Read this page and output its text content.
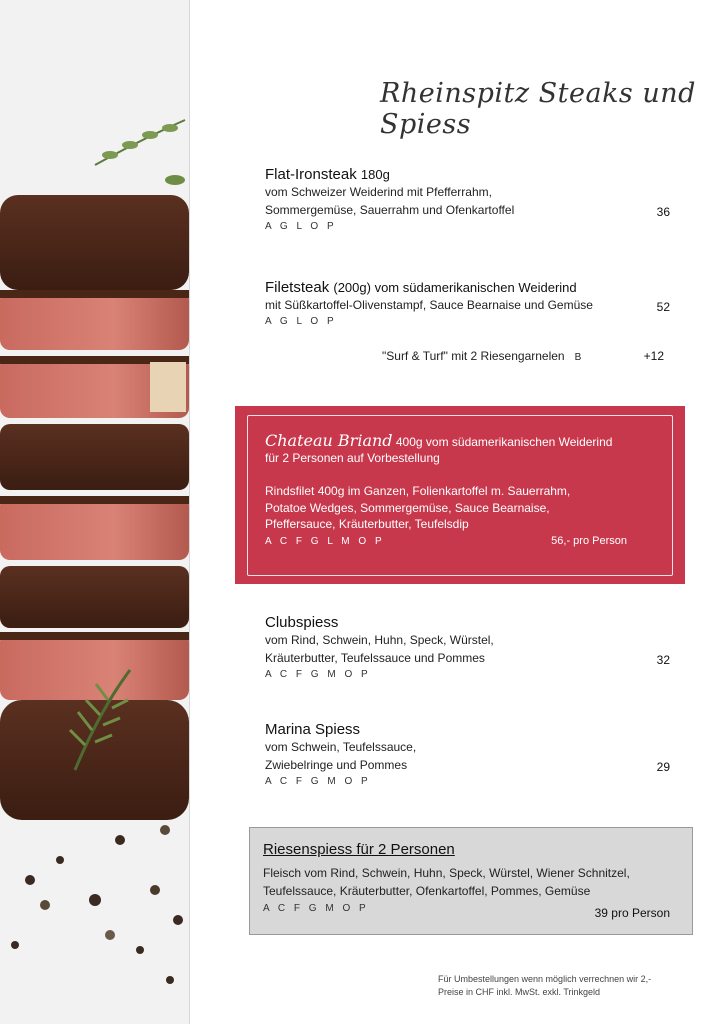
Rheinspitz Steaks und Spiess
Flat-Ironsteak 180g
vom Schweizer Weiderind mit Pfefferrahm,
Sommergemüse, Sauerrahm und Ofenkartoffel
A G L O P
36
Filetsteak (200g) vom südamerikanischen Weiderind
mit Süßkartoffel-Olivenstampf, Sauce Bearnaise und Gemüse
A G L O P
52
"Surf & Turf" mit 2 Riesengarnelen B	+12
Chateau Briand 400g vom südamerikanischen Weiderind
für 2 Personen auf Vorbestellung
Rindsfilet 400g im Ganzen, Folienkartoffel m. Sauerrahm,
Potatoe Wedges, Sommergemüse, Sauce Bearnaise,
Pfeffersauce, Kräuterbutter, Teufelsdip
A C F G L M O P	56,- pro Person
Clubspiess
vom Rind, Schwein, Huhn, Speck, Würstel,
Kräuterbutter, Teufelssauce und Pommes
A C F G M O P
32
Marina Spiess
vom Schwein, Teufelssauce,
Zwiebelringe und Pommes
A C F G M O P
29
Riesenspiess für 2 Personen
Fleisch vom Rind, Schwein, Huhn, Speck, Würstel, Wiener Schnitzel,
Teufelssauce, Kräuterbutter, Ofenkartoffel, Pommes, Gemüse
A C F G M O P	39 pro Person
Für Umbestellungen wenn möglich verrechnen wir 2,-
Preise in CHF inkl. MwSt. exkl. Trinkgeld
